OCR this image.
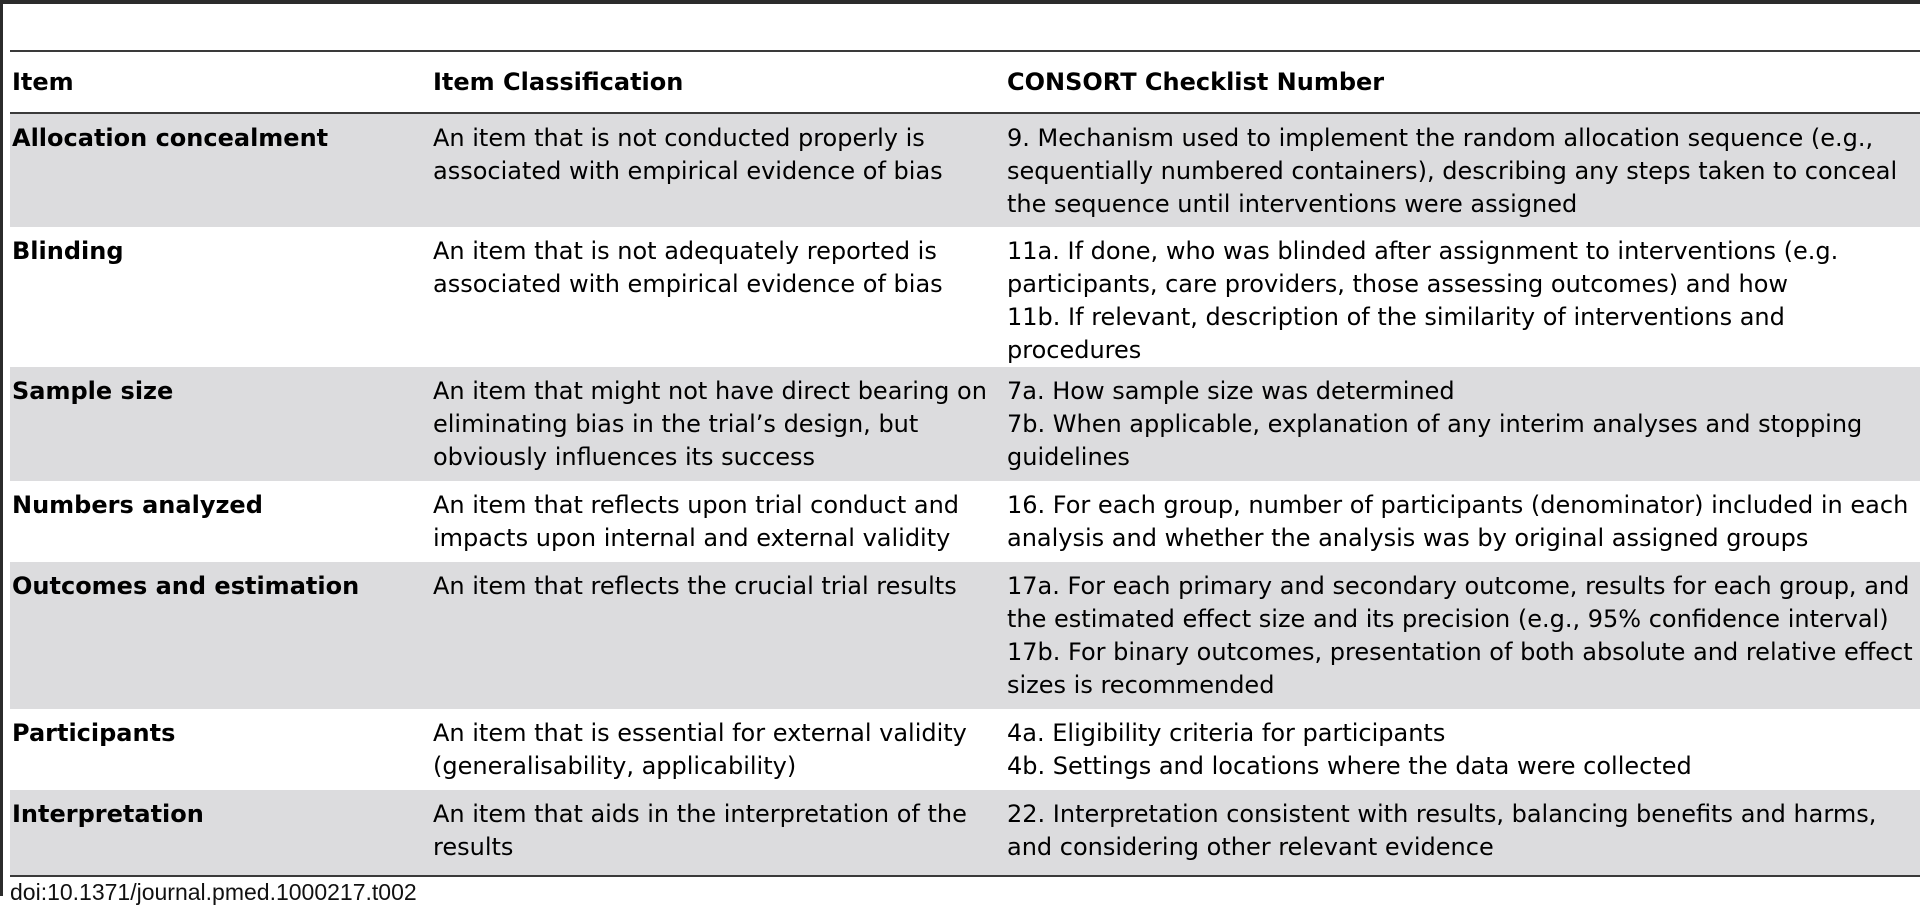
Item	Item Classification	CONSORT Checklist Number
Allocation concealment	An item that is not conducted properly is associated with empirical evidence of bias	9. Mechanism used to implement the random allocation sequence (e.g., sequentially numbered containers), describing any steps taken to conceal the sequence until interventions were assigned

Blinding	An item that is not adequately reported is associated with empirical evidence of bias	11a. If done, who was blinded after assignment to interventions (e.g. participants, care providers, those assessing outcomes) and how
11b. If relevant, description of the similarity of interventions and procedures

Sample size	An item that might not have direct bearing on eliminating bias in the trial’s design, but obviously influences its success	7a. How sample size was determined
7b. When applicable, explanation of any interim analyses and stopping guidelines

Numbers analyzed	An item that reflects upon trial conduct and impacts upon internal and external validity	16. For each group, number of participants (denominator) included in each analysis and whether the analysis was by original assigned groups

Outcomes and estimation	An item that reflects the crucial trial results	17a. For each primary and secondary outcome, results for each group, and the estimated effect size and its precision (e.g., 95% confidence interval)
17b. For binary outcomes, presentation of both absolute and relative effect sizes is recommended

Participants	An item that is essential for external validity (generalisability, applicability)	4a. Eligibility criteria for participants
4b. Settings and locations where the data were collected

Interpretation	An item that aids in the interpretation of the results	22. Interpretation consistent with results, balancing benefits and harms, and considering other relevant evidence
doi:10.1371/journal.pmed.1000217.t002
